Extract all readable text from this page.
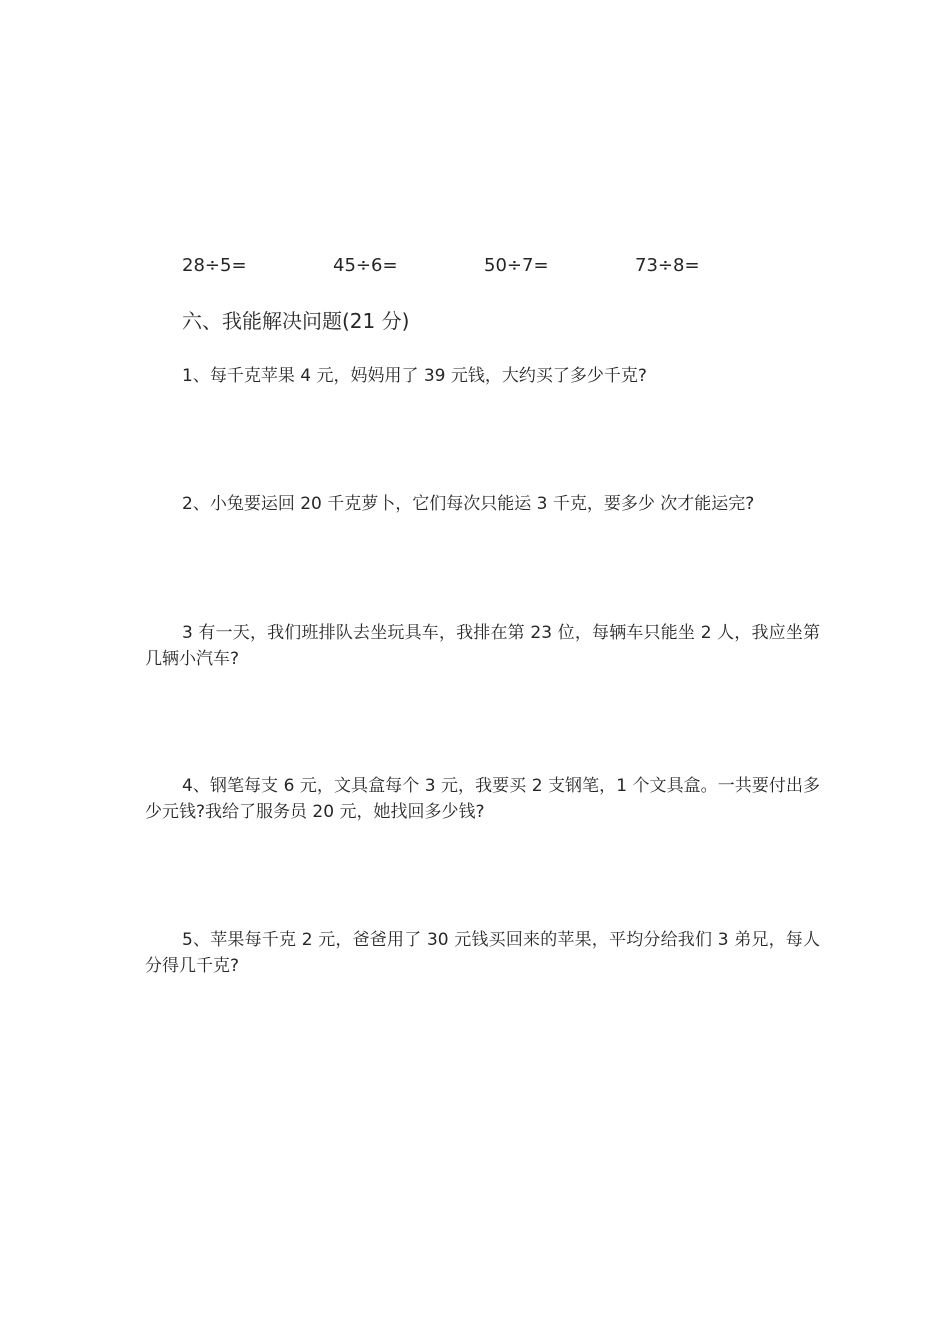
28÷5=	45÷6=	50÷7=	73÷8=
六、我能解决问题(21 分)

1、每千克苹果 4 元，妈妈用了 39 元钱，大约买了多少千克?

2、小兔要运回 20 千克萝卜，它们每次只能运 3 千克，要多少 次才能运完?

3 有一天，我们班排队去坐玩具车，我排在第 23 位，每辆车只能坐 2 人，我应坐第几辆小汽车?

4、钢笔每支 6 元，文具盒每个 3 元，我要买 2 支钢笔，1 个文具盒。一共要付出多少元钱?我给了服务员 20 元，她找回多少钱?

5、苹果每千克 2 元，爸爸用了 30 元钱买回来的苹果，平均分给我们 3 弟兄，每人分得几千克?
